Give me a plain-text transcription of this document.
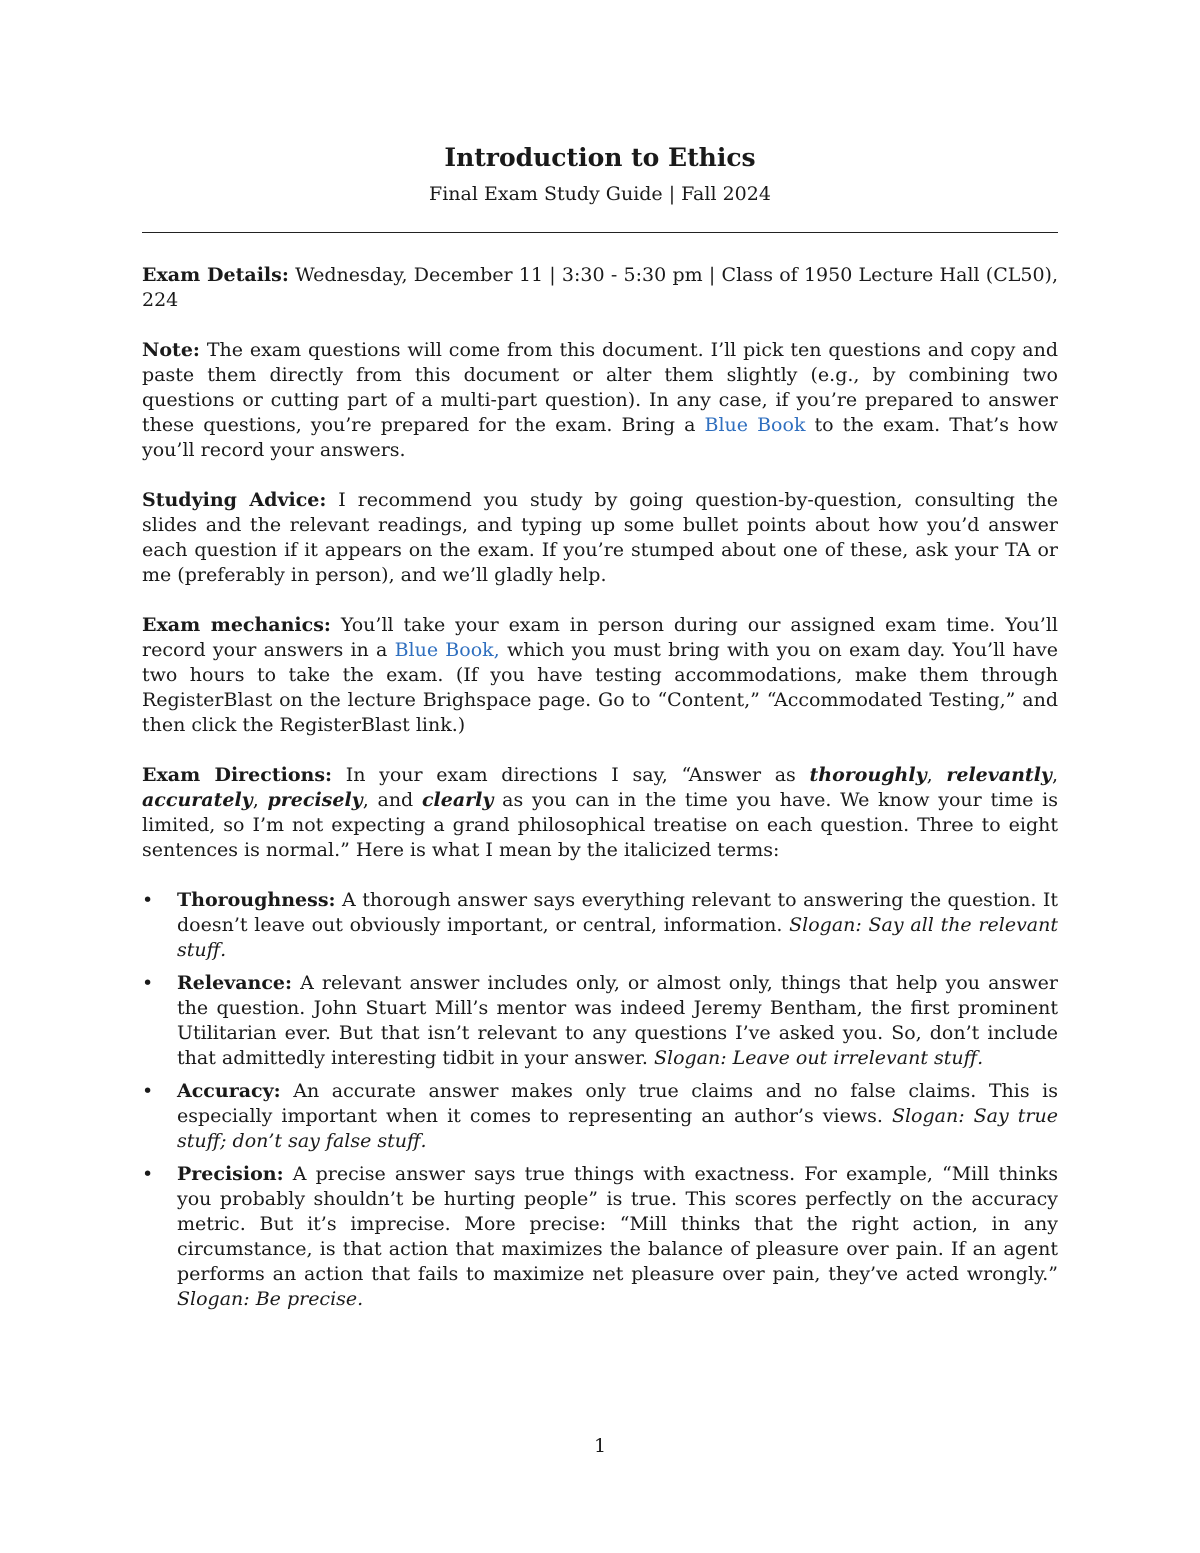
Introduction to Ethics
Final Exam Study Guide | Fall 2024

Exam Details: Wednesday, December 11 | 3:30 - 5:30 pm | Class of 1950 Lecture Hall (CL50), 224

Note: The exam questions will come from this document. I’ll pick ten questions and copy and paste them directly from this document or alter them slightly (e.g., by combining two questions or cutting part of a multi-part question). In any case, if you’re prepared to answer these questions, you’re prepared for the exam. Bring a Blue Book to the exam. That’s how you’ll record your answers.

Studying Advice: I recommend you study by going question-by-question, consulting the slides and the relevant readings, and typing up some bullet points about how you’d answer each question if it appears on the exam. If you’re stumped about one of these, ask your TA or me (preferably in person), and we’ll gladly help.

Exam mechanics: You’ll take your exam in person during our assigned exam time. You’ll record your answers in a Blue Book, which you must bring with you on exam day. You’ll have two hours to take the exam. (If you have testing accommodations, make them through RegisterBlast on the lecture Brighspace page. Go to “Content,” “Accommodated Testing,” and then click the RegisterBlast link.)

Exam Directions: In your exam directions I say, “Answer as thoroughly, relevantly, accurately, precisely, and clearly as you can in the time you have. We know your time is limited, so I’m not expecting a grand philosophical treatise on each question. Three to eight sentences is normal.” Here is what I mean by the italicized terms:

• Thoroughness: A thorough answer says everything relevant to answering the question. It doesn’t leave out obviously important, or central, information. Slogan: Say all the relevant stuff.
• Relevance: A relevant answer includes only, or almost only, things that help you answer the question. John Stuart Mill’s mentor was indeed Jeremy Bentham, the first prominent Utilitarian ever. But that isn’t relevant to any questions I’ve asked you. So, don’t include that admittedly interesting tidbit in your answer. Slogan: Leave out irrelevant stuff.
• Accuracy: An accurate answer makes only true claims and no false claims. This is especially important when it comes to representing an author’s views. Slogan: Say true stuff; don’t say false stuff.
• Precision: A precise answer says true things with exactness. For example, “Mill thinks you probably shouldn’t be hurting people” is true. This scores perfectly on the accuracy metric. But it’s imprecise. More precise: “Mill thinks that the right action, in any circumstance, is that action that maximizes the balance of pleasure over pain. If an agent performs an action that fails to maximize net pleasure over pain, they’ve acted wrongly.” Slogan: Be precise.
1
